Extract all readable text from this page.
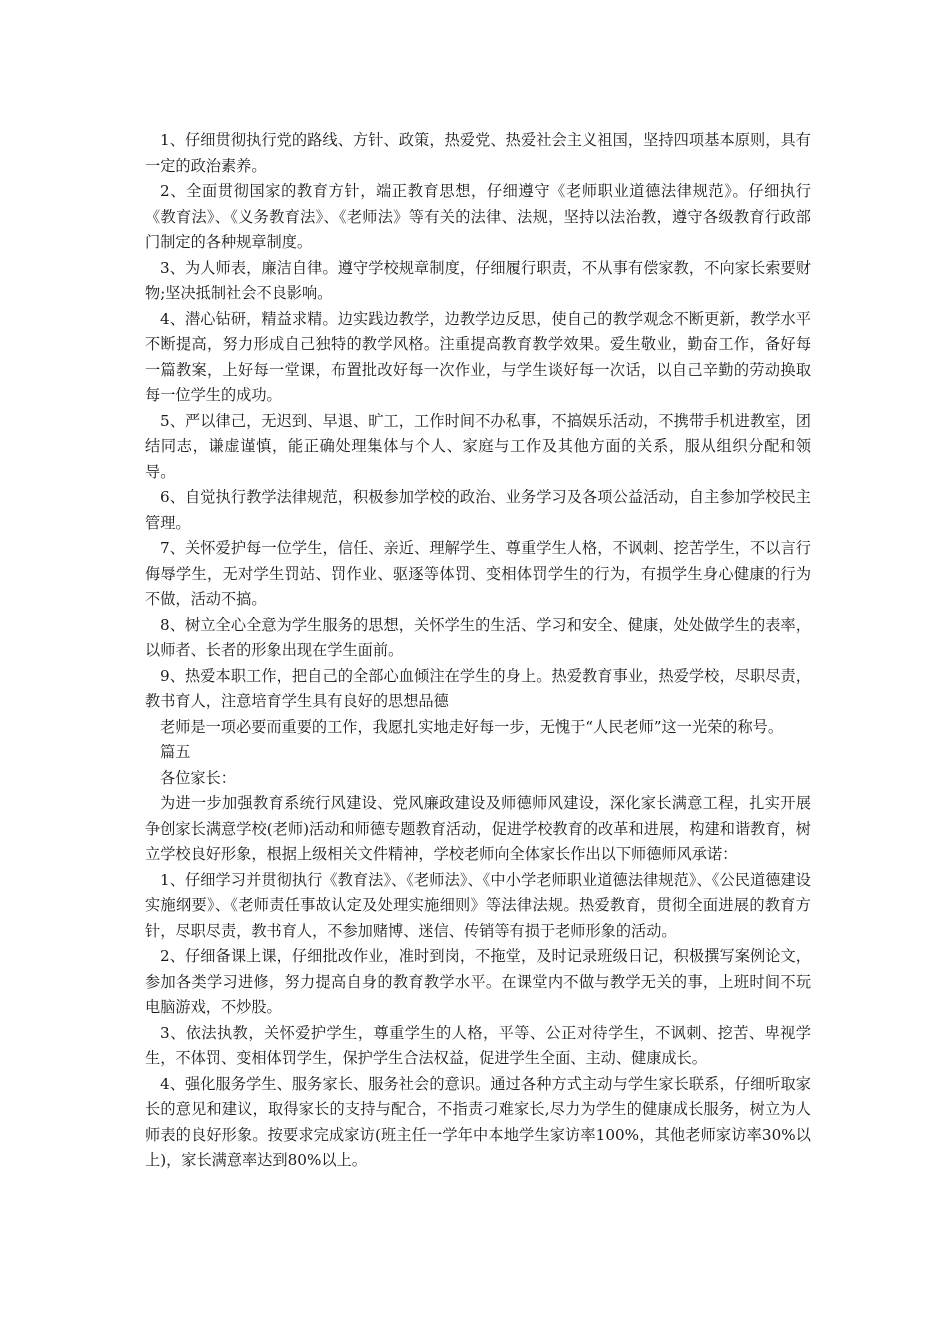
1、仔细贯彻执行党的路线、方针、政策，热爱党、热爱社会主义祖国，坚持四项基本原则，具有一定的政治素养。

2、全面贯彻国家的教育方针，端正教育思想，仔细遵守《老师职业道德法律规范》。仔细执行《教育法》、《义务教育法》、《老师法》等有关的法律、法规，坚持以法治教，遵守各级教育行政部门制定的各种规章制度。

3、为人师表，廉洁自律。遵守学校规章制度，仔细履行职责，不从事有偿家教，不向家长索要财物;坚决抵制社会不良影响。

4、潜心钻研，精益求精。边实践边教学，边教学边反思，使自己的教学观念不断更新，教学水平不断提高，努力形成自己独特的教学风格。注重提高教育教学效果。爱生敬业，勤奋工作，备好每一篇教案，上好每一堂课，布置批改好每一次作业，与学生谈好每一次话，以自己辛勤的劳动换取每一位学生的成功。

5、严以律己，无迟到、早退、旷工，工作时间不办私事，不搞娱乐活动，不携带手机进教室，团结同志，谦虚谨慎，能正确处理集体与个人、家庭与工作及其他方面的关系，服从组织分配和领导。

6、自觉执行教学法律规范，积极参加学校的政治、业务学习及各项公益活动，自主参加学校民主管理。

7、关怀爱护每一位学生，信任、亲近、理解学生、尊重学生人格，不讽刺、挖苦学生，不以言行侮辱学生，无对学生罚站、罚作业、驱逐等体罚、变相体罚学生的行为，有损学生身心健康的行为不做，活动不搞。

8、树立全心全意为学生服务的思想，关怀学生的生活、学习和安全、健康，处处做学生的表率，以师者、长者的形象出现在学生面前。

9、热爱本职工作，把自己的全部心血倾注在学生的身上。热爱教育事业，热爱学校，尽职尽责，教书育人，注意培育学生具有良好的思想品德

老师是一项必要而重要的工作，我愿扎实地走好每一步，无愧于“人民老师”这一光荣的称号。

篇五

各位家长：

为进一步加强教育系统行风建设、党风廉政建设及师德师风建设，深化家长满意工程，扎实开展争创家长满意学校(老师)活动和师德专题教育活动，促进学校教育的改革和进展，构建和谐教育，树立学校良好形象，根据上级相关文件精神，学校老师向全体家长作出以下师德师风承诺：

1、仔细学习并贯彻执行《教育法》、《老师法》、《中小学老师职业道德法律规范》、《公民道德建设实施纲要》、《老师责任事故认定及处理实施细则》等法律法规。热爱教育，贯彻全面进展的教育方针，尽职尽责，教书育人，不参加赌博、迷信、传销等有损于老师形象的活动。

2、仔细备课上课，仔细批改作业，准时到岗，不拖堂，及时记录班级日记，积极撰写案例论文，参加各类学习进修，努力提高自身的教育教学水平。在课堂内不做与教学无关的事，上班时间不玩电脑游戏，不炒股。

3、依法执教，关怀爱护学生，尊重学生的人格，平等、公正对待学生，不讽刺、挖苦、卑视学生，不体罚、变相体罚学生，保护学生合法权益，促进学生全面、主动、健康成长。

4、强化服务学生、服务家长、服务社会的意识。通过各种方式主动与学生家长联系，仔细听取家长的意见和建议，取得家长的支持与配合，不指责刁难家长,尽力为学生的健康成长服务，树立为人师表的良好形象。按要求完成家访(班主任一学年中本地学生家访率100%，其他老师家访率30%以上)，家长满意率达到80%以上。
